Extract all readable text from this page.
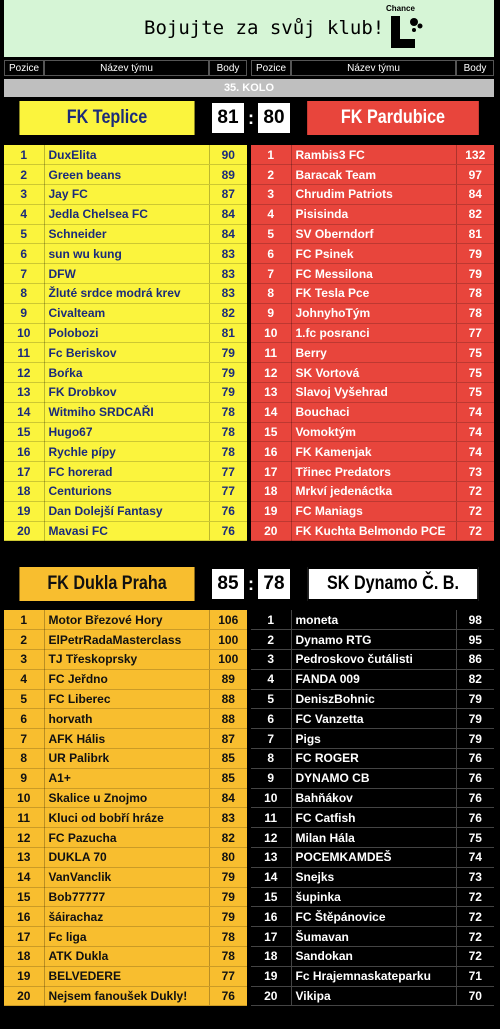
Bojujte za svůj klub!
Chance
Pozice	Název týmu	Body	Pozice	Název týmu	Body
35. KOLO
FK Teplice	81 : 80	FK Pardubice
1	DuxElita	90
2	Green beans	89
3	Jay FC	87
4	Jedla Chelsea FC	84
5	Schneider	84
6	sun wu kung	83
7	DFW	83
8	Žluté srdce modrá krev	83
9	Civalteam	82
10	Polobozi	81
11	Fc Beriskov	79
12	Boŕka	79
13	FK Drobkov	79
14	Witmiho SRDCAŘI	78
15	Hugo67	78
16	Rychle pípy	78
17	FC horerad	77
18	Centurions	77
19	Dan Dolejší Fantasy	76
20	Mavasi FC	76
1	Rambis3 FC	132
2	Baracak Team	97
3	Chrudim Patriots	84
4	Pisisinda	82
5	SV Oberndorf	81
6	FC Psinek	79
7	FC Messilona	79
8	FK Tesla Pce	78
9	JohnyhoTým	78
10	1.fc posranci	77
11	Berry	75
12	SK Vortová	75
13	Slavoj Vyšehrad	75
14	Bouchaci	74
15	Vomoktým	74
16	FK Kamenjak	74
17	Třinec Predators	73
18	Mrkví jedenáctka	72
19	FC Maniags	72
20	FK Kuchta Belmondo PCE	72
FK Dukla Praha	85 : 78	SK Dynamo Č. B.
1	Motor Březové Hory	106
2	ElPetrRadaMasterclass	100
3	TJ Třeskoprsky	100
4	FC Jeřdno	89
5	FC Liberec	88
6	horvath	88
7	AFK Hális	87
8	UR Palibrk	85
9	A1+	85
10	Skalice u Znojmo	84
11	Kluci od bobří hráze	83
12	FC Pazucha	82
13	DUKLA 70	80
14	VanVanclik	79
15	Bob77777	79
16	šáirachaz	79
17	Fc liga	78
18	ATK Dukla	78
19	BELVEDERE	77
20	Nejsem fanoušek Dukly!	76
1	moneta	98
2	Dynamo RTG	95
3	Pedroskovo čutálisti	86
4	FANDA 009	82
5	DeniszBohnic	79
6	FC Vanzetta	79
7	Pigs	79
8	FC ROGER	76
9	DYNAMO CB	76
10	Bahňákov	76
11	FC Catfish	76
12	Milan Hála	75
13	POCEMKAMDEŠ	74
14	Snejks	73
15	šupinka	72
16	FC Štěpánovice	72
17	Šumavan	72
18	Sandokan	72
19	Fc Hrajemnaskateparku	71
20	Vikipa	70
